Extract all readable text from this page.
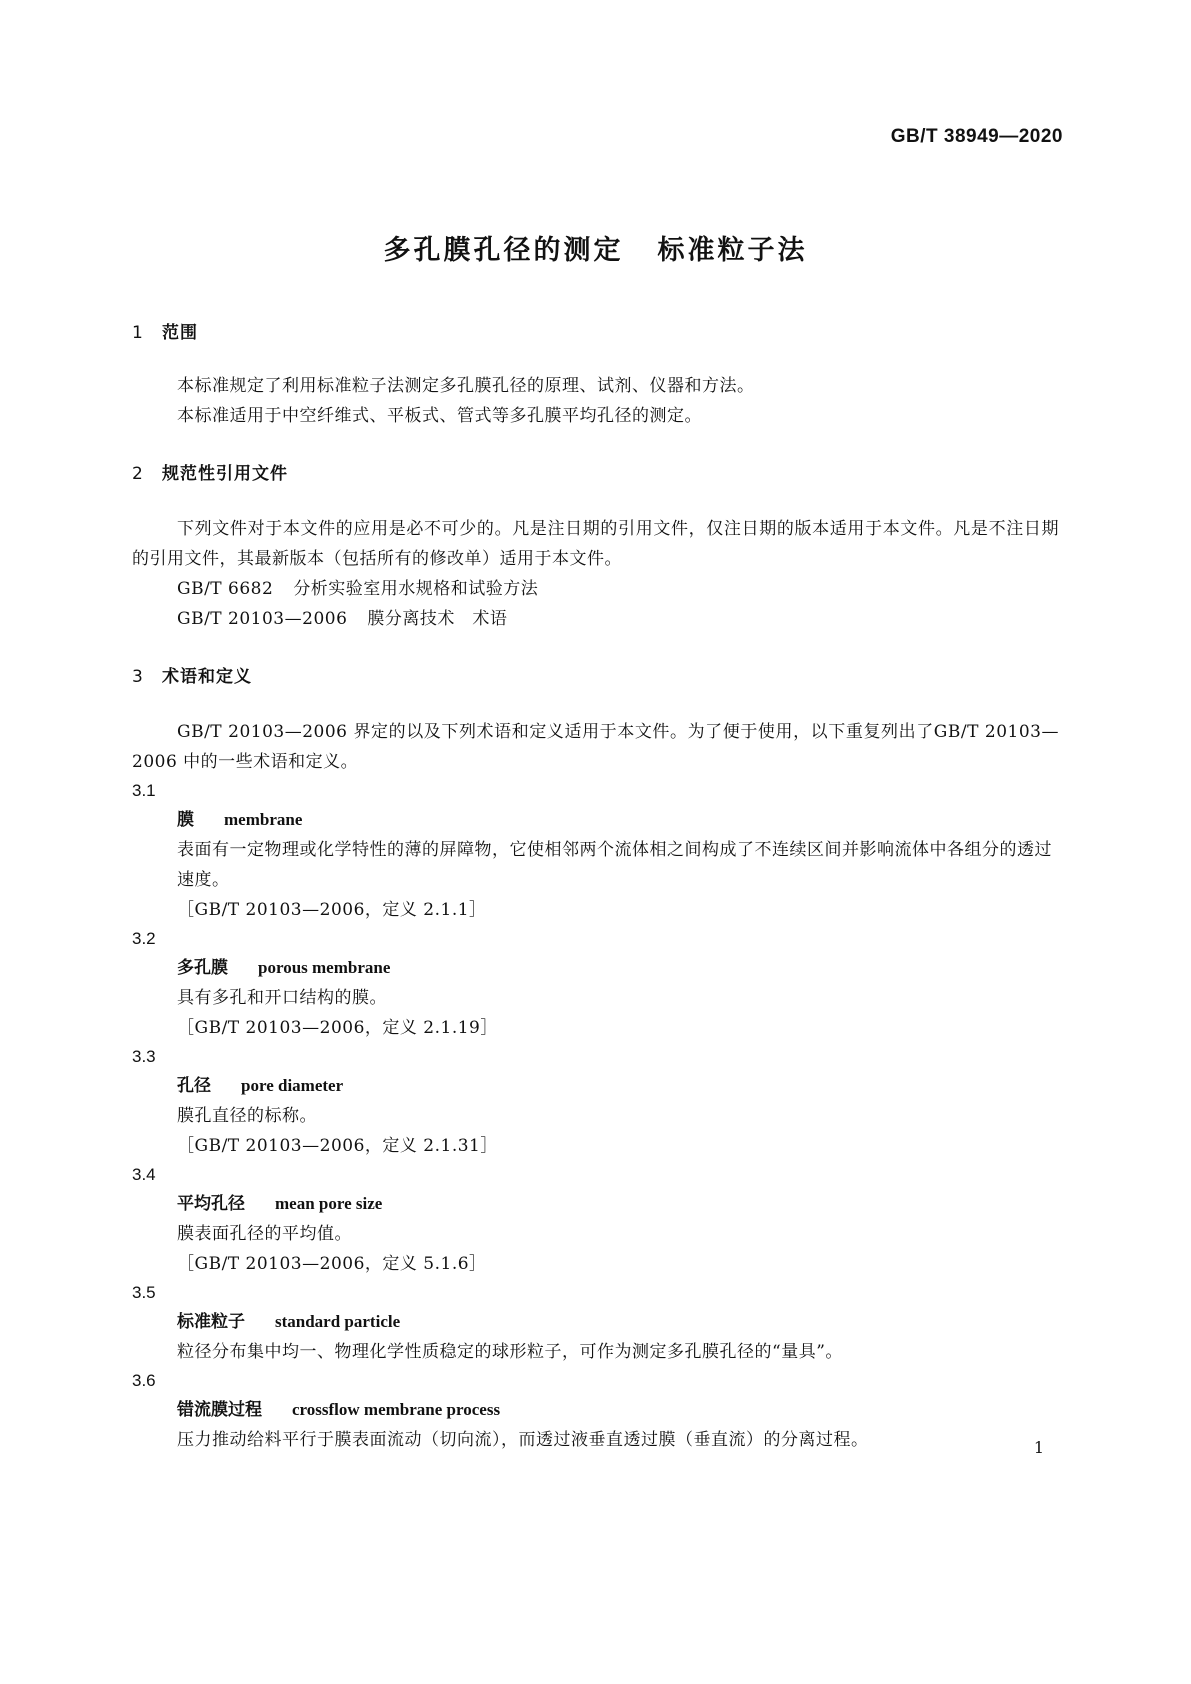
GB/T 38949—2020
多孔膜孔径的测定 标准粒子法
1 范围

本标准规定了利用标准粒子法测定多孔膜孔径的原理、试剂、仪器和方法。

本标准适用于中空纤维式、平板式、管式等多孔膜平均孔径的测定。

2 规范性引用文件

下列文件对于本文件的应用是必不可少的。凡是注日期的引用文件，仅注日期的版本适用于本文件。凡是不注日期的引用文件，其最新版本（包括所有的修改单）适用于本文件。

GB/T 6682 分析实验室用水规格和试验方法

GB/T 20103—2006 膜分离技术　术语

3 术语和定义

GB/T 20103—2006 界定的以及下列术语和定义适用于本文件。为了便于使用，以下重复列出了GB/T 20103—2006 中的一些术语和定义。

3.1

膜 membrane

表面有一定物理或化学特性的薄的屏障物，它使相邻两个流体相之间构成了不连续区间并影响流体中各组分的透过速度。

［GB/T 20103—2006，定义 2.1.1］

3.2

多孔膜 porous membrane

具有多孔和开口结构的膜。

［GB/T 20103—2006，定义 2.1.19］

3.3

孔径 pore diameter

膜孔直径的标称。

［GB/T 20103—2006，定义 2.1.31］

3.4

平均孔径 mean pore size

膜表面孔径的平均值。

［GB/T 20103—2006，定义 5.1.6］

3.5

标准粒子 standard particle

粒径分布集中均一、物理化学性质稳定的球形粒子，可作为测定多孔膜孔径的“量具”。

3.6

错流膜过程 crossflow membrane process

压力推动给料平行于膜表面流动（切向流），而透过液垂直透过膜（垂直流）的分离过程。	1
